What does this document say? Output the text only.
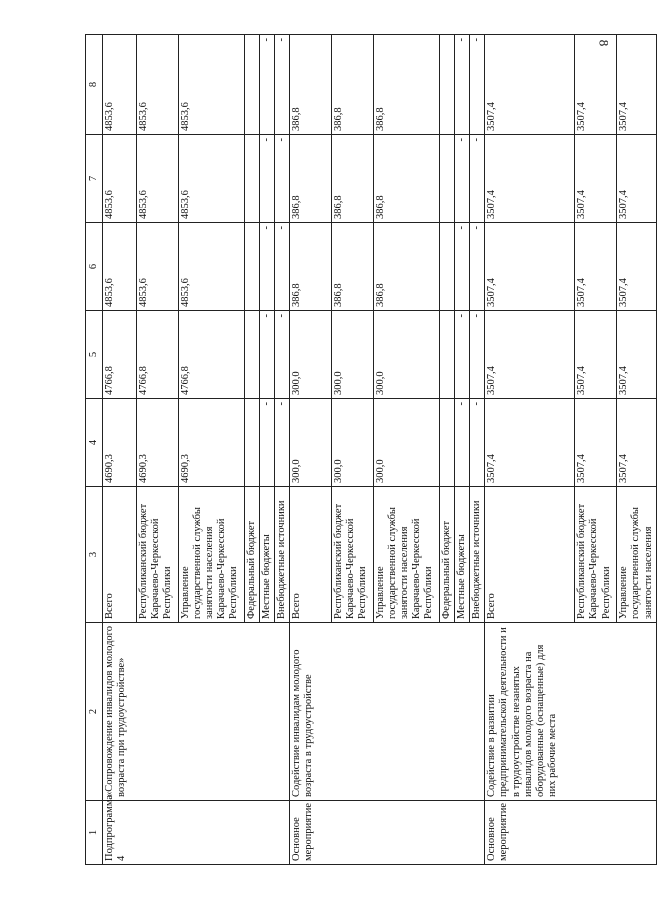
8
1	2	3	4	5	6	7	8
Подпрограмма 4	«Сопровождение инвалидов молодого возраста при трудоустройстве»	Всего	4690,3	4766,8	4853,6	4853,6	4853,6
		Республиканский бюджет Карачаево-Черкесской Республики	4690,3	4766,8	4853,6	4853,6	4853,6
		Управление государственной службы занятости населения Карачаево-Черкесской Республики	4690,3	4766,8	4853,6	4853,6	4853,6
		Федеральный бюджет					
		Местные бюджеты	-	-	-	-	-
		Внебюджетные источники	-	-	-	-	-
Основное мероприятие	Содействие инвалидам молодого возраста в трудоустройстве	Всего	300,0	300,0	386,8	386,8	386,8
		Республиканский бюджет Карачаево-Черкесской Республики	300,0	300,0	386,8	386,8	386,8
		Управление государственной службы занятости населения Карачаево-Черкесской Республики	300,0	300,0	386,8	386,8	386,8
		Федеральный бюджет					
		Местные бюджеты	-	-	-	-	-
		Внебюджетные источники	-	-	-	-	-
Основное мероприятие	Содействие в развитии предпринимательской деятельности и в трудоустройстве незанятых инвалидов молодого возраста на оборудованные (оснащенные) для них рабочие места	Всего	3507,4	3507,4	3507,4	3507,4	3507,4
		Республиканский бюджет Карачаево-Черкесской Республики	3507,4	3507,4	3507,4	3507,4	3507,4
		Управление государственной службы занятости населения	3507,4	3507,4	3507,4	3507,4	3507,4
